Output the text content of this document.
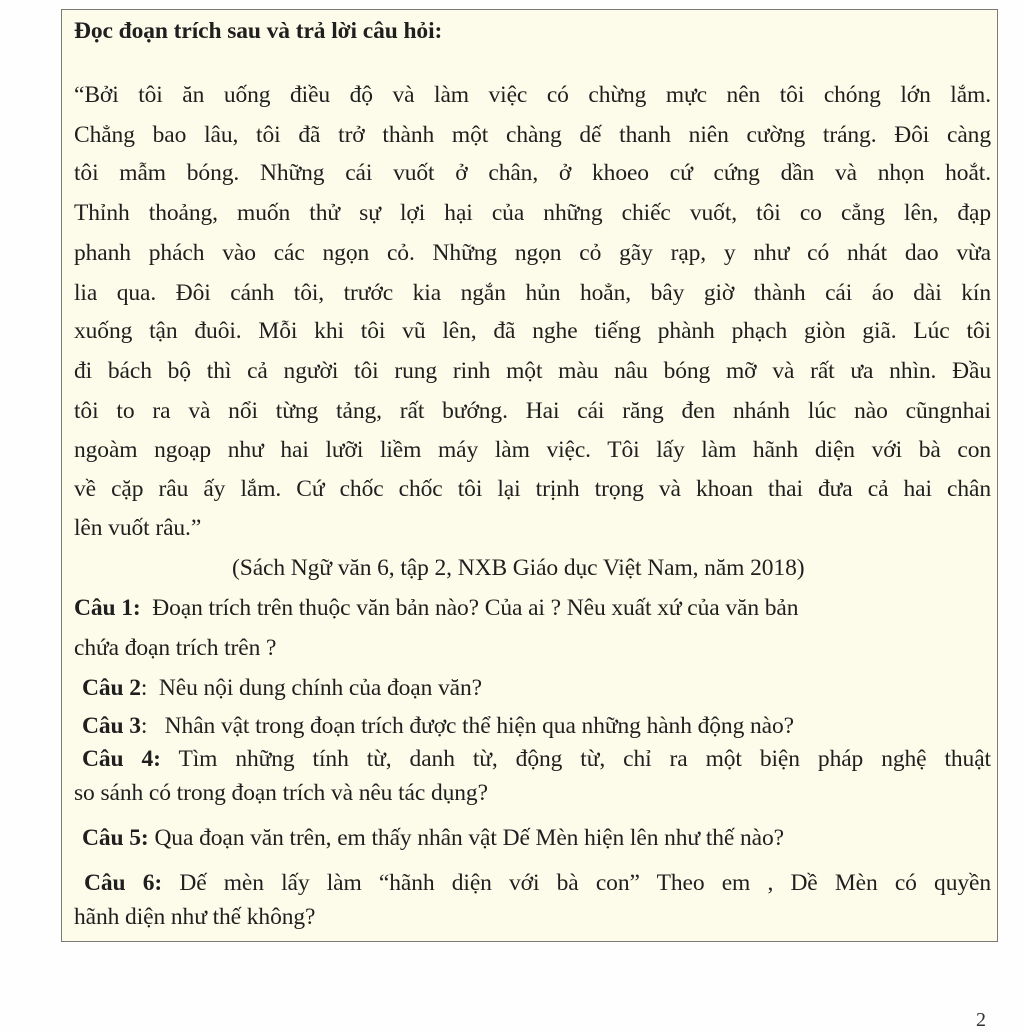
Đọc đoạn trích sau và trả lời câu hỏi:
“Bởi tôi ăn uống điều độ và làm việc có chừng mực nên tôi chóng lớn lắm.
Chẳng bao lâu, tôi đã trở thành một chàng dế thanh niên cường tráng. Đôi càng
tôi mẫm bóng. Những cái vuốt ở chân, ở khoeo cứ cứng dần và nhọn hoắt.
Thỉnh thoảng, muốn thử sự lợi hại của những chiếc vuốt, tôi co cẳng lên, đạp
phanh phách vào các ngọn cỏ. Những ngọn cỏ gãy rạp, y như có nhát dao vừa
lia qua. Đôi cánh tôi, trước kia ngắn hủn hoẳn, bây giờ thành cái áo dài kín
xuống tận đuôi. Mỗi khi tôi vũ lên, đã nghe tiếng phành phạch giòn giã. Lúc tôi
đi bách bộ thì cả người tôi rung rinh một màu nâu bóng mỡ và rất ưa nhìn. Đầu
tôi to ra và nổi từng tảng, rất bướng. Hai cái răng đen nhánh lúc nào cũngnhai
ngoàm ngoạp như hai lưỡi liềm máy làm việc. Tôi lấy làm hãnh diện với bà con
về cặp râu ấy lắm. Cứ chốc chốc tôi lại trịnh trọng và khoan thai đưa cả hai chân
lên vuốt râu.”
(Sách Ngữ văn 6, tập 2, NXB Giáo dục Việt Nam, năm 2018)
Câu 1: Đoạn trích trên thuộc văn bản nào? Của ai ? Nêu xuất xứ của văn bản
chứa đoạn trích trên ?
Câu 2:  Nêu nội dung chính của đoạn văn?
Câu 3:   Nhân vật trong đoạn trích được thể hiện qua những hành động nào?
Câu 4: Tìm những tính từ, danh từ, động từ, chỉ ra một biện pháp nghệ thuật
so sánh có trong đoạn trích và nêu tác dụng?
Câu 5: Qua đoạn văn trên, em thấy nhân vật Dế Mèn hiện lên như thế nào?
Câu 6: Dế mèn lấy làm “hãnh diện với bà con” Theo em , Dề Mèn có quyền
hãnh diện như thế không?
2
